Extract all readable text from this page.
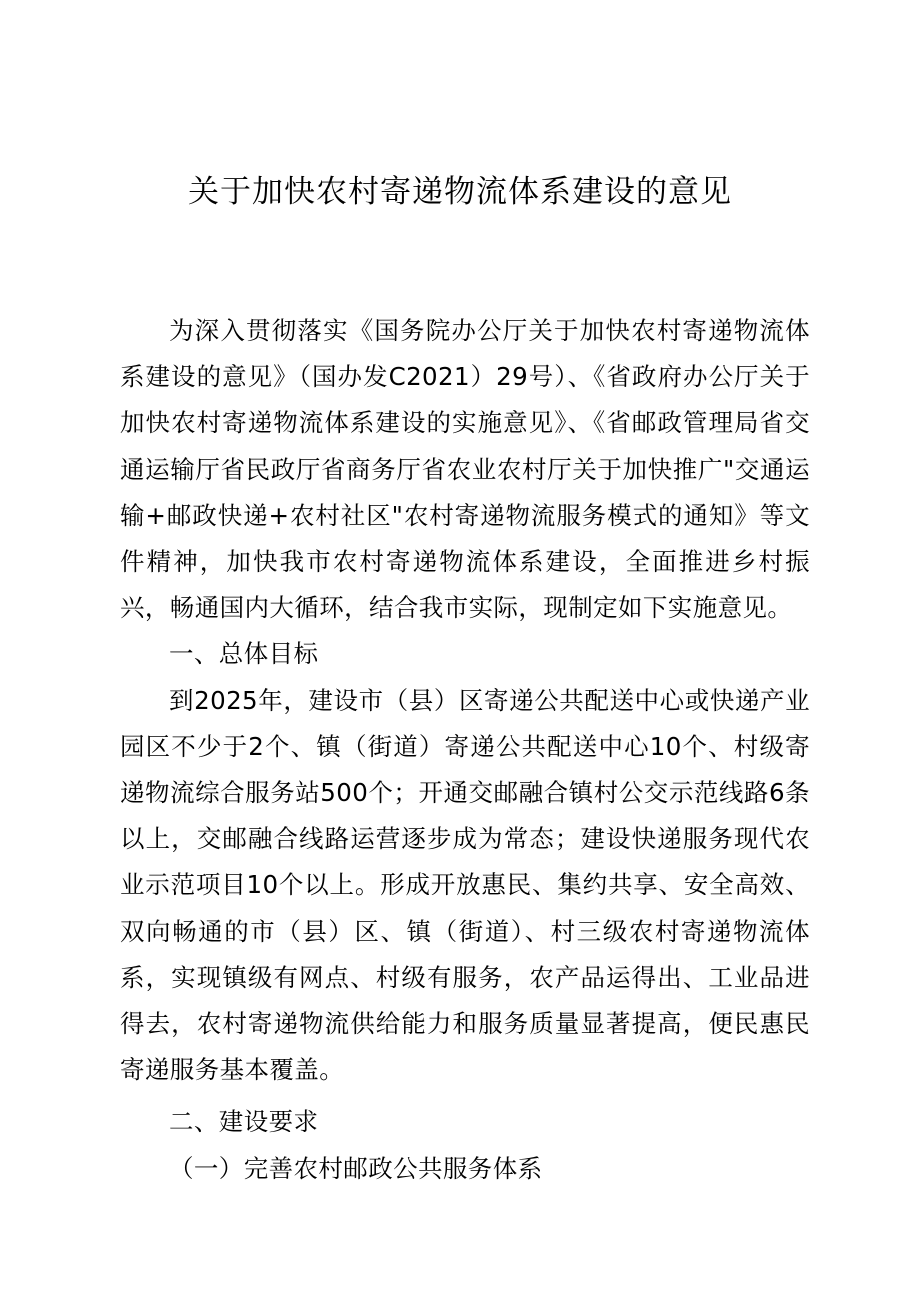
关于加快农村寄递物流体系建设的意见

为深入贯彻落实《国务院办公厅关于加快农村寄递物流体系建设的意见》（国办发C2021）29号）、《省政府办公厅关于加快农村寄递物流体系建设的实施意见》、《省邮政管理局省交通运输厅省民政厅省商务厅省农业农村厅关于加快推广"交通运输+邮政快递+农村社区"农村寄递物流服务模式的通知》等文件精神，加快我市农村寄递物流体系建设，全面推进乡村振兴，畅通国内大循环，结合我市实际，现制定如下实施意见。

一、总体目标

到2025年，建设市（县）区寄递公共配送中心或快递产业园区不少于2个、镇（街道）寄递公共配送中心10个、村级寄递物流综合服务站500个；开通交邮融合镇村公交示范线路6条以上，交邮融合线路运营逐步成为常态；建设快递服务现代农业示范项目10个以上。形成开放惠民、集约共享、安全高效、双向畅通的市（县）区、镇（街道）、村三级农村寄递物流体系，实现镇级有网点、村级有服务，农产品运得出、工业品进得去，农村寄递物流供给能力和服务质量显著提高，便民惠民寄递服务基本覆盖。

二、建设要求

（一）完善农村邮政公共服务体系
